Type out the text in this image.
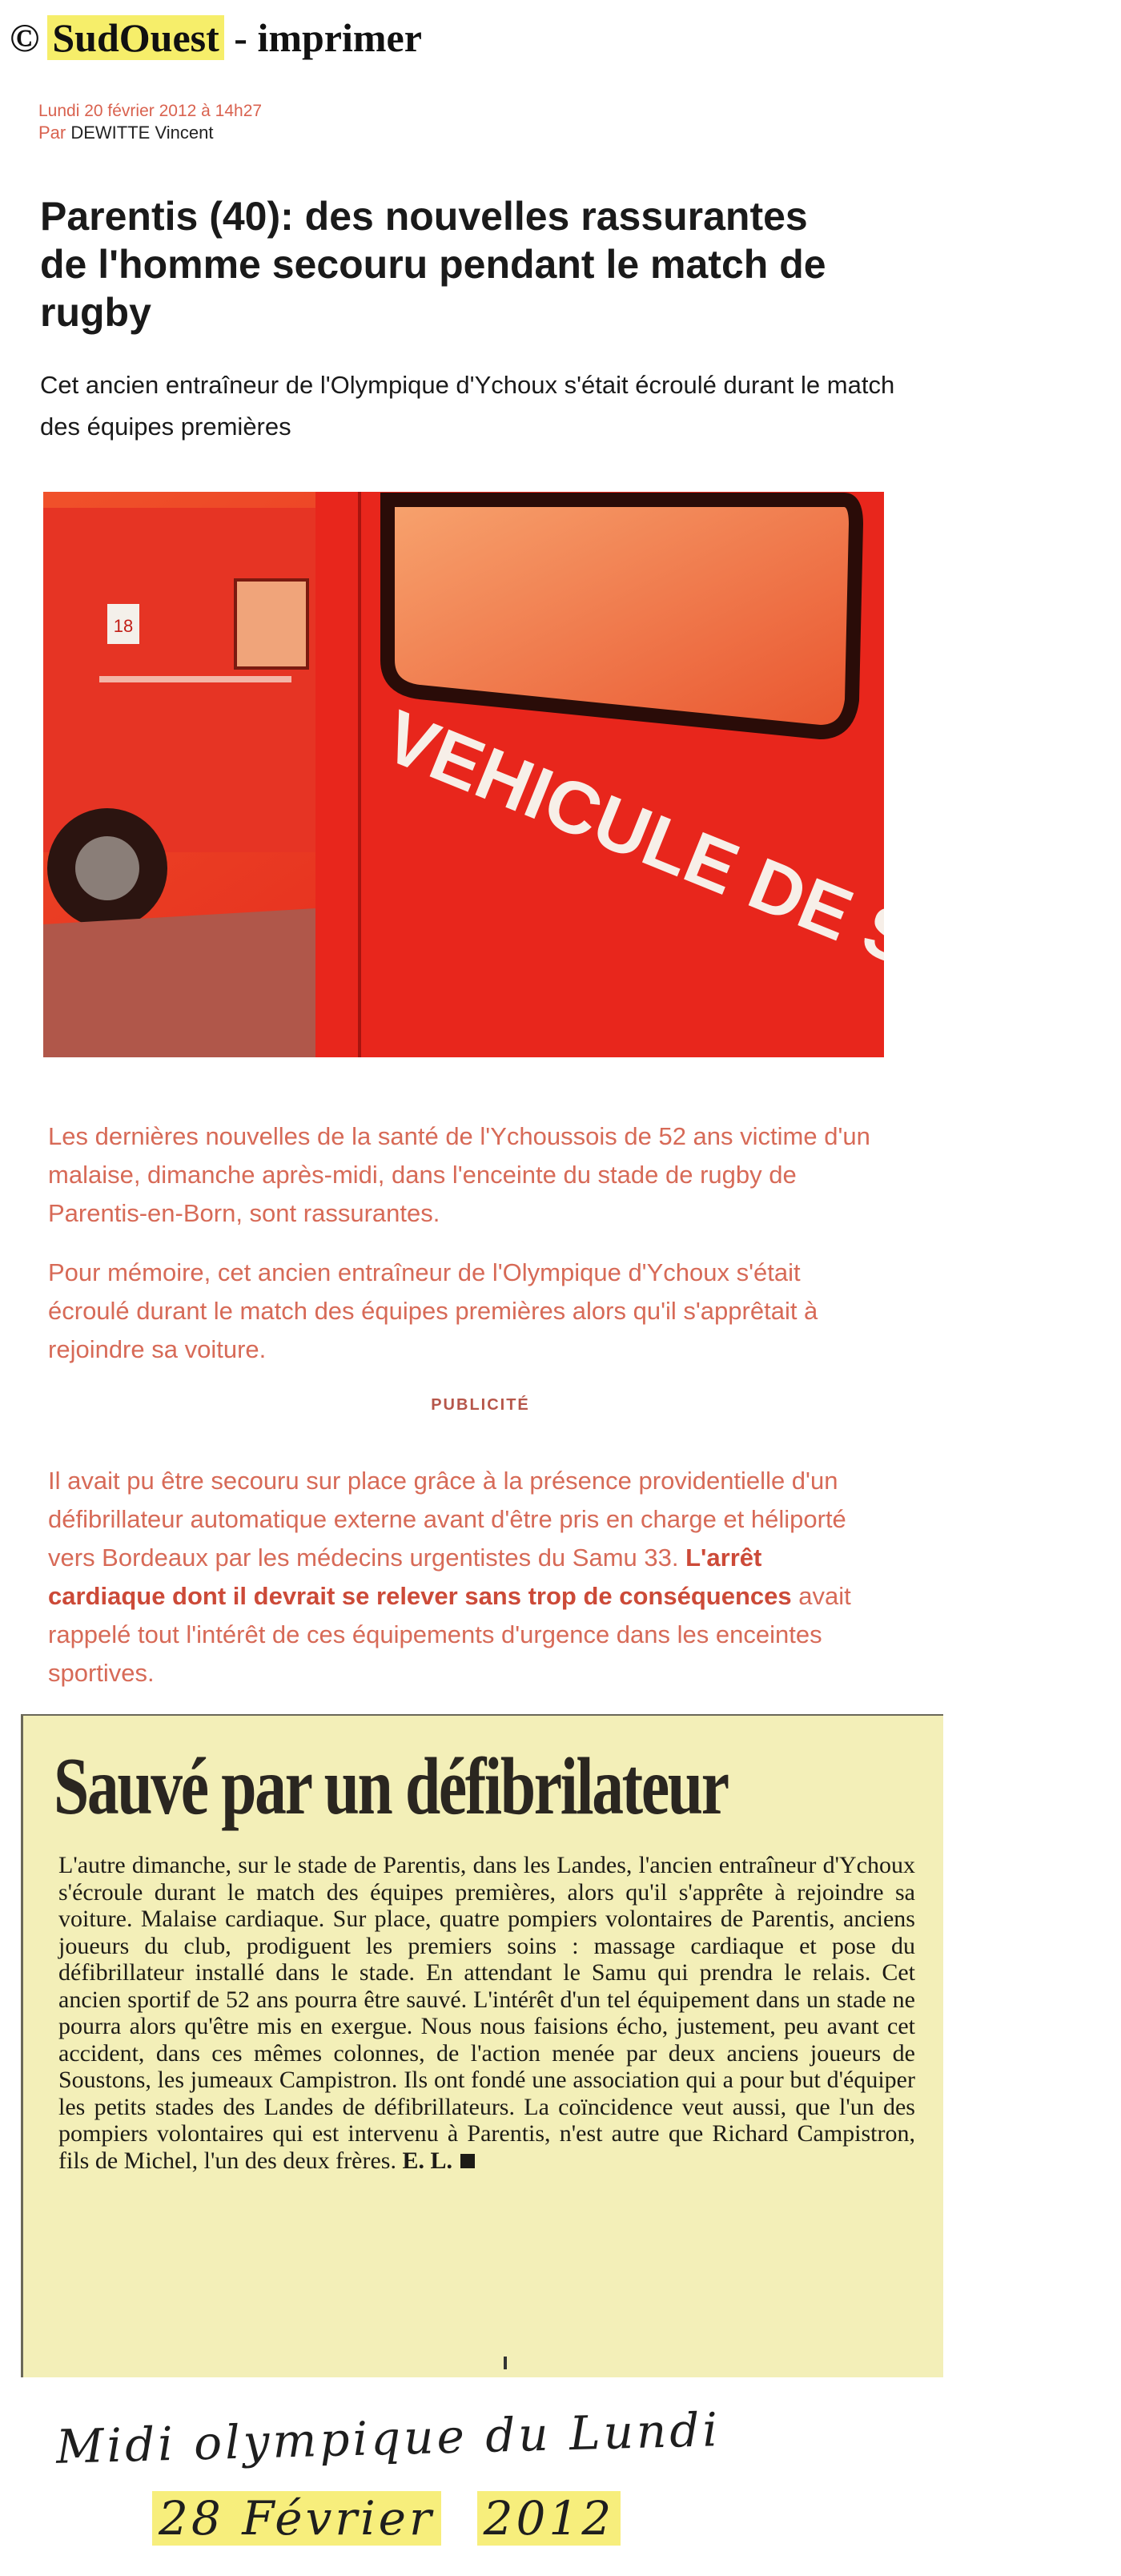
© SudOuest - imprimer
Lundi 20 février 2012 à 14h27
Par DEWITTE Vincent
Parentis (40): des nouvelles rassurantes de l'homme secouru pendant le match de rugby
Cet ancien entraîneur de l'Olympique d'Ychoux s'était écroulé durant le match des équipes premières
18
Les dernières nouvelles de la santé de l'Ychoussois de 52 ans victime d'un malaise, dimanche après-midi, dans l'enceinte du stade de rugby de Parentis-en-Born, sont rassurantes.
Pour mémoire, cet ancien entraîneur de l'Olympique d'Ychoux s'était écroulé durant le match des équipes premières alors qu'il s'apprêtait à rejoindre sa voiture.
PUBLICITÉ
Il avait pu être secouru sur place grâce à la présence providentielle d'un défibrillateur automatique externe avant d'être pris en charge et héliporté vers Bordeaux par les médecins urgentistes du Samu 33. L'arrêt cardiaque dont il devrait se relever sans trop de conséquences avait rappelé tout l'intérêt de ces équipements d'urgence dans les enceintes sportives.
Sauvé par un défibrilateur
L'autre dimanche, sur le stade de Parentis, dans les Landes, l'ancien entraîneur d'Ychoux s'écroule durant le match des équipes premières, alors qu'il s'apprête à rejoindre sa voiture. Malaise cardiaque. Sur place, quatre pompiers volontaires de Parentis, anciens joueurs du club, prodiguent les premiers soins : massage cardiaque et pose du défibrillateur installé dans le stade. En attendant le Samu qui prendra le relais. Cet ancien sportif de 52 ans pourra être sauvé. L'intérêt d'un tel équipement dans un stade ne pourra alors qu'être mis en exergue. Nous nous faisions écho, justement, peu avant cet accident, dans ces mêmes colonnes, de l'action menée par deux anciens joueurs de Soustons, les jumeaux Campistron. Ils ont fondé une association qui a pour but d'équiper les petits stades des Landes de défibrillateurs. La coïncidence veut aussi, que l'un des pompiers volontaires qui est intervenu à Parentis, n'est autre que Richard Campistron, fils de Michel, l'un des deux frères. E. L.
Midi olympique du Lundi
28 Février 2012
